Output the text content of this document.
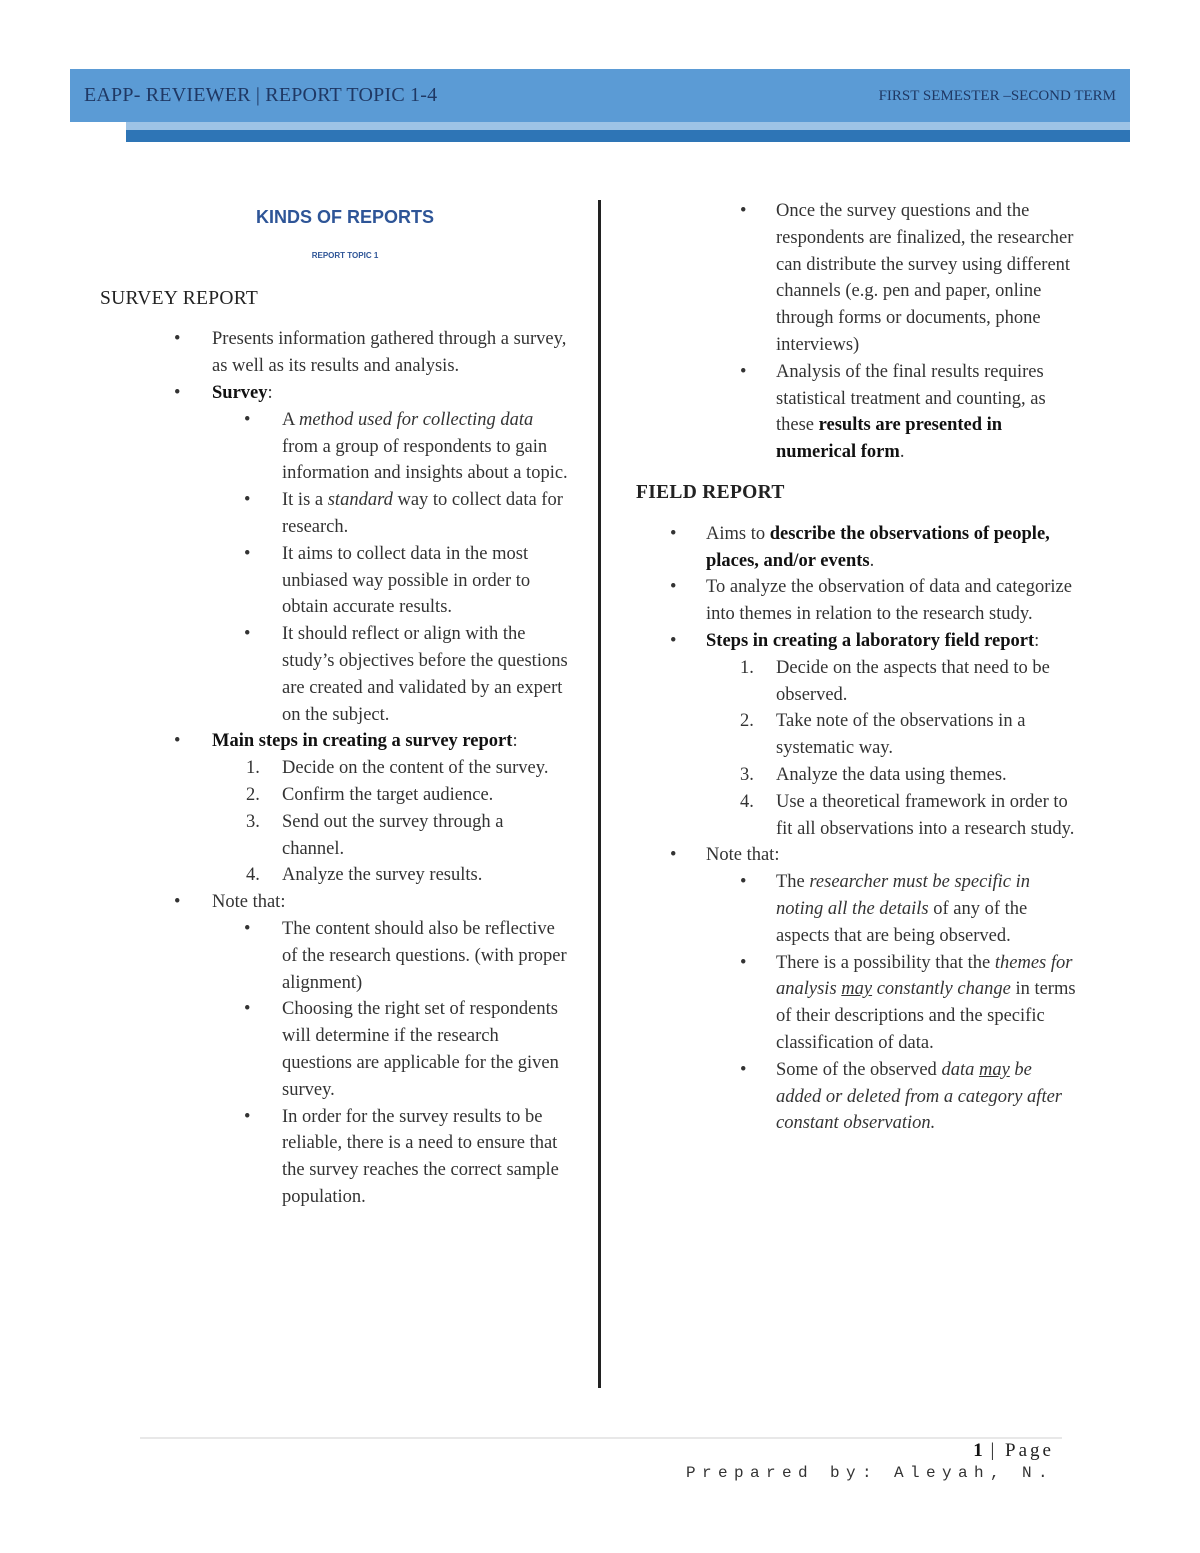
EAPP- REVIEWER | REPORT TOPIC 1-4	FIRST SEMESTER –SECOND TERM
KINDS OF REPORTS
REPORT TOPIC 1
SURVEY REPORT
• Presents information gathered through a survey, as well as its results and analysis.
• Survey:
• A method used for collecting data from a group of respondents to gain information and insights about a topic.
• It is a standard way to collect data for research.
• It aims to collect data in the most unbiased way possible in order to obtain accurate results.
• It should reflect or align with the study’s objectives before the questions are created and validated by an expert on the subject.
• Main steps in creating a survey report:
1. Decide on the content of the survey.
2. Confirm the target audience.
3. Send out the survey through a channel.
4. Analyze the survey results.
• Note that:
• The content should also be reflective of the research questions. (with proper alignment)
• Choosing the right set of respondents will determine if the research questions are applicable for the given survey.
• In order for the survey results to be reliable, there is a need to ensure that the survey reaches the correct sample population.
• Once the survey questions and the respondents are finalized, the researcher can distribute the survey using different channels (e.g. pen and paper, online through forms or documents, phone interviews)
• Analysis of the final results requires statistical treatment and counting, as these results are presented in numerical form.
FIELD REPORT
• Aims to describe the observations of people, places, and/or events.
• To analyze the observation of data and categorize into themes in relation to the research study.
• Steps in creating a laboratory field report:
1. Decide on the aspects that need to be observed.
2. Take note of the observations in a systematic way.
3. Analyze the data using themes.
4. Use a theoretical framework in order to fit all observations into a research study.
• Note that:
• The researcher must be specific in noting all the details of any of the aspects that are being observed.
• There is a possibility that the themes for analysis may constantly change in terms of their descriptions and the specific classification of data.
• Some of the observed data may be added or deleted from a category after constant observation.
1 | Page
Prepared by: Aleyah, N.
